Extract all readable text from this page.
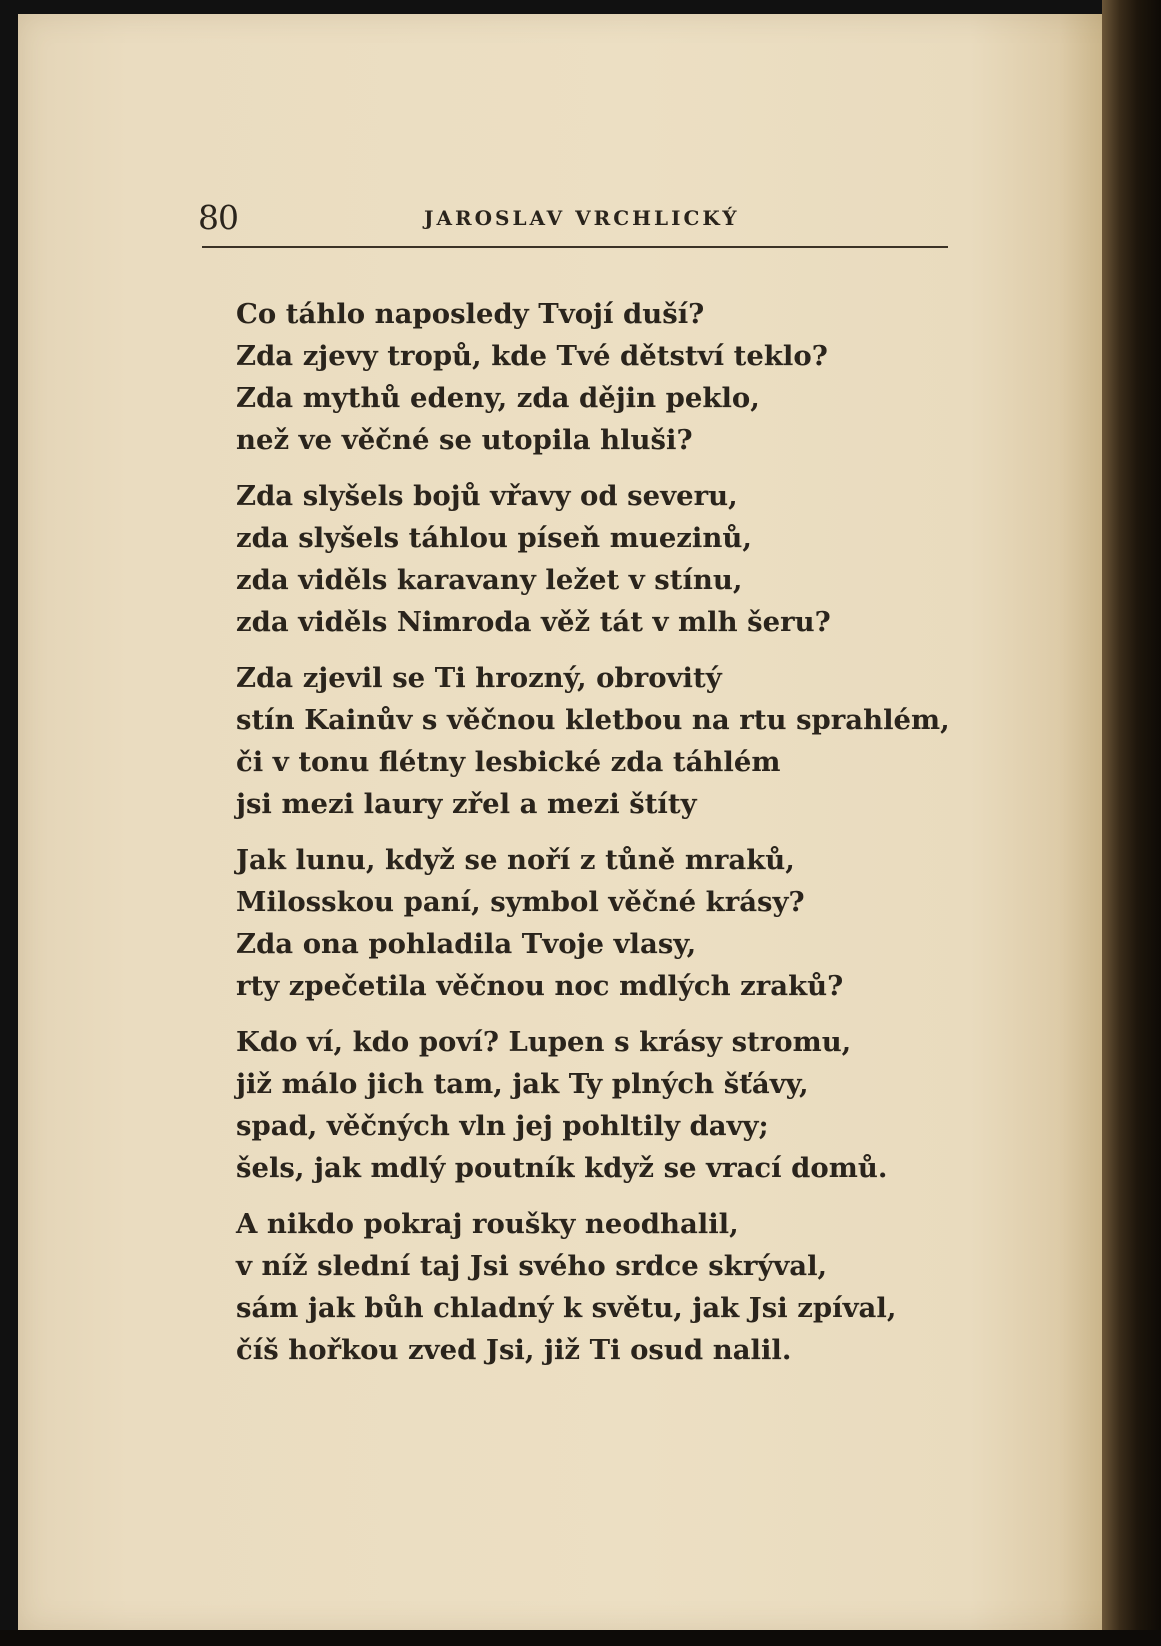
80	JAROSLAV VRCHLICKÝ
Co táhlo naposledy Tvojí duší?
Zda zjevy tropů, kde Tvé dětství teklo?
Zda mythů edeny, zda dějin peklo,
než ve věčné se utopila hluši?
Zda slyšels bojů vřavy od severu,
zda slyšels táhlou píseň muezinů,
zda viděls karavany ležet v stínu,
zda viděls Nimroda věž tát v mlh šeru?
Zda zjevil se Ti hrozný, obrovitý
stín Kainův s věčnou kletbou na rtu sprahlém,
či v tonu flétny lesbické zda táhlém
jsi mezi laury zřel a mezi štíty
Jak lunu, když se noří z tůně mraků,
Milosskou paní, symbol věčné krásy?
Zda ona pohladila Tvoje vlasy,
rty zpečetila věčnou noc mdlých zraků?
Kdo ví, kdo poví? Lupen s krásy stromu,
již málo jich tam, jak Ty plných šťávy,
spad, věčných vln jej pohltily davy;
šels, jak mdlý poutník když se vrací domů.
A nikdo pokraj roušky neodhalil,
v níž slední taj Jsi svého srdce skrýval,
sám jak bůh chladný k světu, jak Jsi zpíval,
číš hořkou zved Jsi, již Ti osud nalil.
